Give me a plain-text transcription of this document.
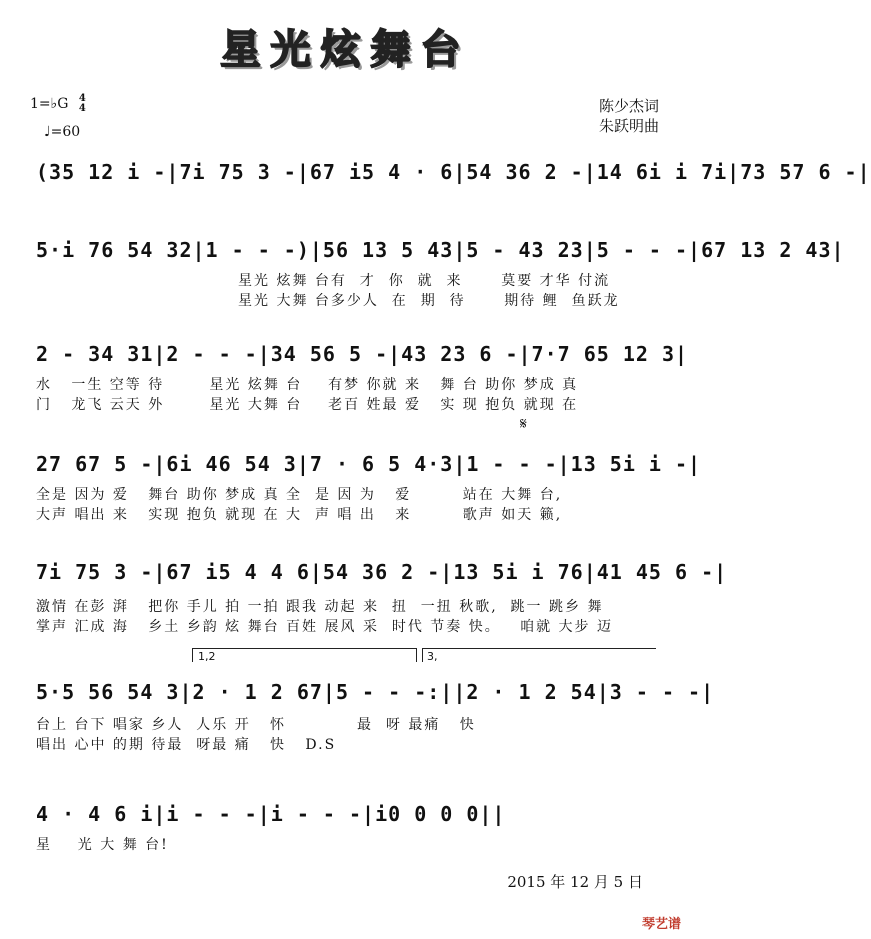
星光炫舞台
1=♭G 4
4
♩=60
陈少杰词
朱跃明曲
(35 12 i -|7i 75 3 -|67 i5 4 · 6|54 36 2 -|14 6i i 7i|73 57 6 -|
5·i 76 54 32|1 - - -)|56 13 5 43|5 - 43 23|5 - - -|67 13 2 43|
星光 炫舞 台有  才  你  就  来      莫要 才华 付流
星光 大舞 台多少人  在  期  待      期待 鲤  鱼跃龙
2 - 34 31|2 - - -|34 56 5 -|43 23 6 -|7·7 65 12 3|
水   一生 空等 待       星光 炫舞 台    有梦 你就 来   舞 台 助你 梦成 真
门   龙飞 云天 外       星光 大舞 台    老百 姓最 爱   实 现 抱负 就现 在
𝄋
27 67 5 -|6i 46 54 3|7 · 6 5 4·3|1 - - -|13 5i i -|
全是 因为 爱   舞台 助你 梦成 真 全  是 因 为   爱        站在 大舞 台,
大声 唱出 来   实现 抱负 就现 在 大  声 唱 出   来        歌声 如天 籁,
7i 75 3 -|67 i5 4 4 6|54 36 2 -|13 5i i 76|41 45 6 -|
激情 在彭 湃   把你 手儿 拍 一拍 跟我 动起 来  扭  一扭 秋歌,  跳一 跳乡 舞
掌声 汇成 海   乡土 乡韵 炫 舞台 百姓 展风 采  时代 节奏 快。   咱就 大步 迈
1,2	3,
5·5 56 54 3|2 · 1 2 67|5 - - -:||2 · 1 2 54|3 - - -|
台上 台下 唱家 乡人  人乐 开   怀           最  呀 最痛   快
唱出 心中 的期 待最  呀最 痛   快   D.S
4 · 4 6 i|i - - -|i - - -|i0 0 0 0||
星    光 大 舞 台!
2015 年 12 月 5 日
琴艺谱
